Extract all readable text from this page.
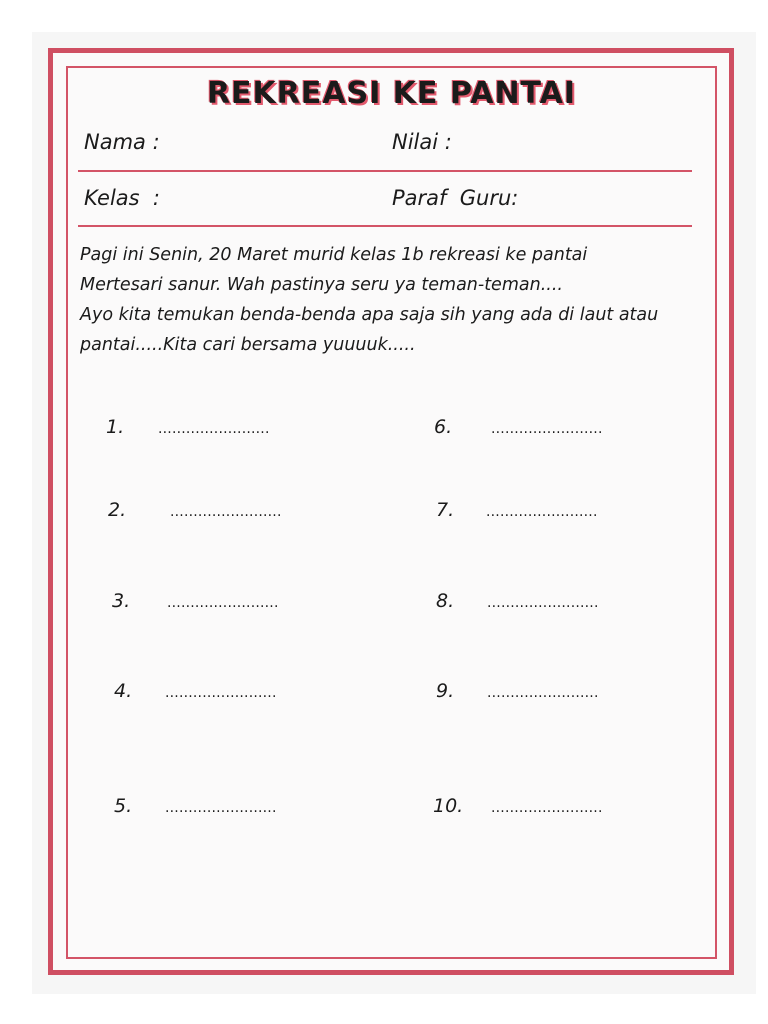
REKREASI KE PANTAI
Nama :	Nilai :
Kelas  :	Paraf  Guru:

Pagi ini Senin, 20 Maret murid kelas 1b rekreasi ke pantai

Mertesari sanur. Wah pastinya seru ya teman-teman....

Ayo kita temukan benda-benda apa saja sih yang ada di laut atau

pantai.....Kita cari bersama yuuuuk.....

1. ........................
2.	........................
3.	........................
4. ........................
5. ........................
6.	........................
7. ........................
8. ........................
9. ........................
10. ........................
